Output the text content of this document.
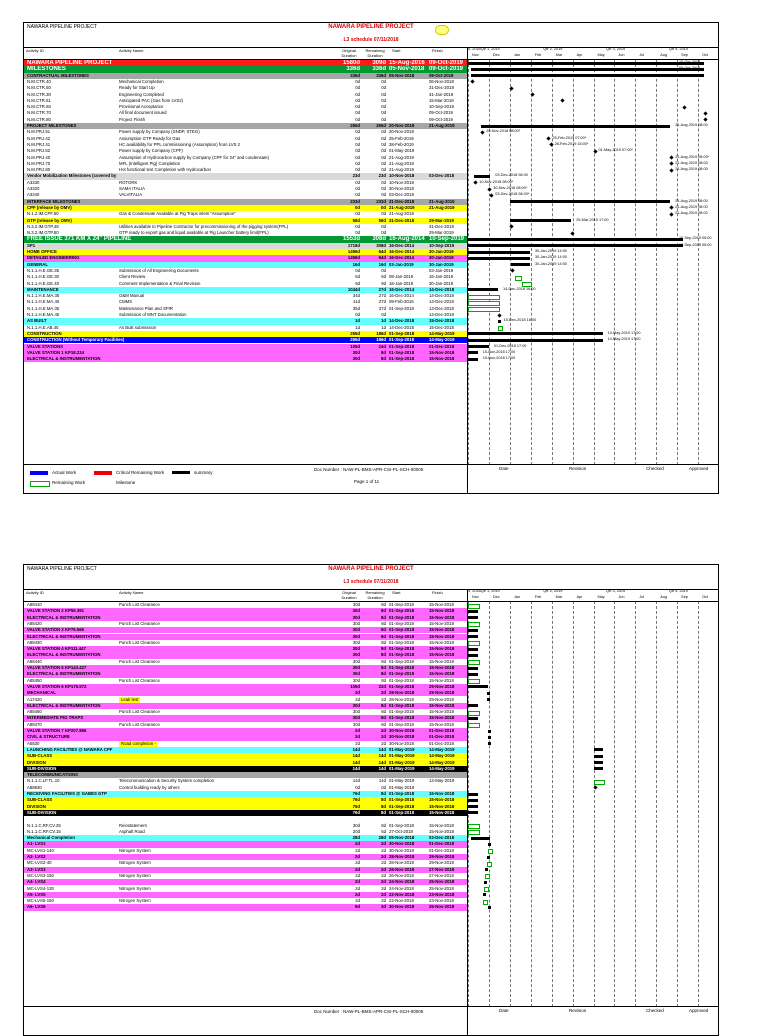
NAWARA PIPELINE PROJECT	NAWARA PIPELINE PROJECT
L3 schedule 07/11/2018
Activity ID	Activity Name	Original Duration
Remaining Duration
Start	Finish
NAWARA PIPELINE PROJECT	1580d	309d 15-Aug-2016 09-Oct-2019
MILESTONES	336d	336d 05-Nov-2018 09-Oct-2019
CONTRACTUAL MILESTONES	336d	336d 05-Nov-2018	09-Oct-2019
N.M.CTR.40	Mechanical Completion	0d	0d	06-Nov-2018
N.M.CTR.50	Ready for Start Up	0d	0d	31-Dec-2018
N.M.CTR.30	Engineering Completed	0d	0d	31-Jan-2019
N.M.CTR.61	Anticipated PAC (Gas from LVS2)	0d	0d	15-Mar-2019
N.M.CTR.60	Provisional Acceptance	0d	0d	10-Sep-2019
N.M.CTR.70	All final document issued	0d	0d	09-Oct-2019
N.M.CTR.80	Project Finish	0d	0d	09-Oct-2019
PROJECT MILESTONES	265d	265d 20-Nov-2018	21-Aug-2019
N.M.PRJ.51	Power supply by Company (SNDP, STEG)	0d	0d 20-Nov-2018
N.M.PRJ.42	Assumption GTP Ready for Gas	0d	0d 25-Feb-2019
N.M.PRJ.41	HC availability for PPL commissioning (Assumption) from LVS 2	0d	0d 28-Feb-2019
N.M.PRJ.52	Power supply by Company (CPF)	0d	0d 01-May-2019
N.M.PRJ.40	Assumption of Hydrocarbon supply by Company (CPF for 24" and condensate)	0d	0d 21-Aug-2019
N.M.PRJ.70	MFL (Intelligent Pig) Completion	0d	0d 21-Aug-2019
N.M.PRJ.80	Hot functional test Completion with Hydrocarbon	0d	0d 21-Aug-2019
Vendor Mobilization Milestones (covered by	23d	23d 10-Nov-2018	03-Dec-2018
A3330	ROTORK	0d	0d 10-Nov-2018
A3320	SAMA ITALIA	0d	0d 30-Nov-2018
A3340	VALVITALIA	0d	0d 03-Dec-2018
INTERFACE MILESTONES	233d	233d 31-Dec-2018	21-Aug-2019
CPF (release by OMV)	0d	0d 21-Aug-2019	21-Aug-2019
N.1.2.IM.CPF.50	Gas & Condensate Available at Pig Traps inlets "Assumption"	0d	0d 21-Aug-2019
GTP (release by OMV)	58d	58d 31-Dec-2018	29-Mar-2019
N.3.2.IM.GTP.49	Utilities available to Pipeline Contractor for precommissioning of the pigging system(FPL)	0d	0d	31-Dec-2018
N.3.2.IM.GTP.50	GTP ready to export gas and liquid available at Pig Launcher battery limit(FPL)	0d	0d	29-Mar-2019
FREE ISSUE 371 KM X 24" PIPELINE	1553d	308d 16-Aug-2014 10-Sep-2019
SP1	1718d	308d 16-Dec-2014	10-Sep-2019
HOME OFFICE	1496d	64d 16-Dec-2014	30-Jan-2019
DETAILED ENGINEERING	1496d	64d 16-Dec-2014	30-Jan-2019
GENERAL	16d	16d 03-Jan-2019	30-Jan-2019
N.1.1.H.E.GE.35	Submission of All Engineering Documents	0d	0d	03-Jan-2019
N.1.1.H.E.GE.30	Client Review	6d	6d 08-Jan-2019	16-Jan-2019
N.1.1.H.E.GE.40	Comment Implementation & Final Revision	9d	9d 18-Jan-2019	30-Jan-2019
MAINTENANCE	1044d	27d 16-Dec-2014	14-Dec-2018
N.1.1.H.E.MA.35	O&M Manual	34d	27d 16-Dec-2014	14-Dec-2018
N.1.1.H.E.MA.40	CMMS	11d	27d 09-Feb-2015	14-Dec-2018
N.1.1.H.E.MA.35	Maintenance Plan and SPIR	35d	27d 01-Sep-2018	14-Dec-2018
N.1.1.H.E.MA.45	Submission of MNT Documentation	0d	0d	14-Dec-2018
AS BUILT	1d	1d 14-Dec-2018	15-Dec-2018
N.1.1.H.E.AB.45	As Built submission	1d	1d 14-Dec-2018	15-Dec-2018
CONSTRUCTION	255d	186d 01-Sep-2018	14-May-2019
CONSTRUCTION (Without Temporary Facilities)	255d	186d 01-Sep-2018	14-May-2019
VALVE STATIONS	105d	24d 01-Sep-2018	01-Dec-2018
VALVE STATION 1 KP18.234	30d	8d 01-Sep-2018	15-Nov-2018
ELECTRICAL & INSTRUMENTATION	30d	8d 01-Sep-2018	15-Nov-2018
4, 2018 Qtr 1, 2019	Qtr 2, 2019	Qtr 3, 2019	Qtr 4, 2019
Nov	Dec	Jan	Feb	Mar	Apr	May	Jun	Jul	Aug	Sep	Oct
10-Oct-2019
09-Oct-2019
21-Aug-2019 08:00
20-Nov-2018 08:00*
25-Feb-2019 07:00*
28-Feb-2019 15:00*
01-May-2019 07:00*
21-Aug-2019 08:00*
21-Aug-2019 08:00
21-Aug-2019 08:00
03-Dec-2018 08:00
10-Nov-2018 08:00*
30-Nov-2018 08:00*
03-Dec-2018 08:00*
21-Aug-2019 08:00
21-Aug-2019 08:00
21-Aug-2019 08:00
29-Mar-2019 17:00
10-Sep-2019 05:00
10-Sep-2019 05:00
30-Jan-2019 14:00
30-Jan-2019 14:00
30-Jan-2019 14:00
14-Dec-2018 16:00
15-Dec-2018 16:00
14-May-2019 17:00
14-May-2019 17:00
01-Dec-2018 17:00
15-Nov-2018 17:00
15-Nov-2018 17:00
Actual Work
Remaining Work
Critical Remaining Work	summary
Milestone
Doc Number : NAW-PL-BMS-APR-CSI-PL-SCH-00005
Page 1 of 11
Date	Revision	Checked	Approved
NAWARA PIPELINE PROJECT	NAWARA PIPELINE PROJECT
L3 schedule 07/11/2018
Activity ID	Activity Name	Original Duration
Remaining Duration
Start	Finish
A88410	Punch List Clearance	30d	8d 01-Sep-2018	15-Nov-2018
VALVE STATION 2 KP56.391	30d	8d 01-Sep-2018	15-Nov-2018
ELECTRICAL & INSTRUMENTATION	30d	8d 01-Sep-2018	15-Nov-2018
A88420	Punch List Clearance	30d	8d 01-Sep-2018	15-Nov-2018
VALVE STATION 3 KP76.566	30d	8d 01-Sep-2018	15-Nov-2018
ELECTRICAL & INSTRUMENTATION	30d	8d 01-Sep-2018	15-Nov-2018
A88430	Punch List Clearance	30d	8d 01-Sep-2018	15-Nov-2018
VALVE STATION 4 KP111.447	30d	8d 01-Sep-2018	15-Nov-2018
ELECTRICAL & INSTRUMENTATION	30d	8d 01-Sep-2018	15-Nov-2018
A88440	Punch List Clearance	30d	8d 01-Sep-2018	15-Nov-2018
VALVE STATION 5 KP143.427	30d	8d 01-Sep-2018	15-Nov-2018
ELECTRICAL & INSTRUMENTATION	30d	8d 01-Sep-2018	15-Nov-2018
A88450	Punch List Clearance	30d	8d 01-Sep-2018	15-Nov-2018
VALVE STATION 6 KP175.572	105d	22d 01-Sep-2018	29-Nov-2018
MECHANICAL	2d	2d 28-Nov-2018	29-Nov-2018
A17420	Leak test	2d	2d 28-Nov-2018	29-Nov-2018
ELECTRICAL & INSTRUMENTATION	30d	8d 01-Sep-2018	15-Nov-2018
A88460	Punch List Clearance	30d	8d 01-Sep-2018	15-Nov-2018
INTERMEDIATE PIG TRAPS	30d	8d 01-Sep-2018	15-Nov-2018
A88470	Punch List Clearance	30d	8d 01-Sep-2018	15-Nov-2018
VALVE STATION 7 KP207.856	2d	2d 30-Nov-2018	01-Dec-2018
CIVIL & STRUCTURE	2d	2d 30-Nov-2018	01-Dec-2018
A5830	Road completion -	2d	2d 30-Nov-2018	01-Dec-2018
LAUNCHING FACILITIES @ NAWARA CPF	14d	14d 01-May-2019	14-May-2019
SUB-CLASS	14d	14d 01-May-2019	14-May-2019
DIVISION	14d	14d 01-May-2019	14-May-2019
SUB-DIVISION	14d	14d 01-May-2019	14-May-2019
TELECOMMUNICATIONS
N.1.1.C.LF.TL.10	Telecommunication & Security System completion	14d	14d 01-May-2019	14-May-2019
A88830	Control building ready by others	0d	0d 01-May-2019
RECEIVING FACILITIES @ GABES GTP	76d	8d 01-Sep-2018	15-Nov-2018
SUB-CLASS	76d	8d 01-Sep-2018	15-Nov-2018
DIVISION	76d	8d 01-Sep-2018	15-Nov-2018
SUB-DIVISION	76d	8d 01-Sep-2018	15-Nov-2018
N.1.1.C.RF.CV.25	Reinstatement	30d	8d 01-Sep-2018	15-Nov-2018
N.1.1.C.RF.CV.15	Asphalt Road	20d	5d 27-Oct-2018	15-Nov-2018
Mechanical Completion	28d	28d 05-Nov-2018	03-Dec-2018
A1- LVS1	2d	2d 30-Nov-2018	01-Dec-2018
MC-LVS1-140	Nitrogen System	2d	2d 30-Nov-2018	01-Dec-2018
A2- LVS2	2d	2d 28-Nov-2018	29-Nov-2018
MC-LVS2-40	Nitrogen System	2d	2d 28-Nov-2018	29-Nov-2018
A3- LVS3	2d	2d 26-Nov-2018	27-Nov-2018
MC-LVS3-150	Nitrogen System	2d	2d 26-Nov-2018	27-Nov-2018
A4- LVS4	2d	2d 24-Nov-2018	25-Nov-2018
MC-LVS4-130	Nitrogen System	2d	2d 24-Nov-2018	25-Nov-2018
A5- LVS5	2d	2d 22-Nov-2018	23-Nov-2018
MC-LVS5-150	Nitrogen System	2d	2d 22-Nov-2018	23-Nov-2018
A6- LVS6	9d	3d 30-Nov-2018	26-Nov-2018
4, 2018 Qtr 1, 2019	Qtr 2, 2019	Qtr 3, 2019	Qtr 4, 2019
Nov	Dec	Jan	Feb	Mar	Apr	May	Jun	Jul	Aug	Sep	Oct
Doc Number : NAW-PL-BMS-APR-CSI-PL-SCH-00005	Date	Revision	Checked	Approved
